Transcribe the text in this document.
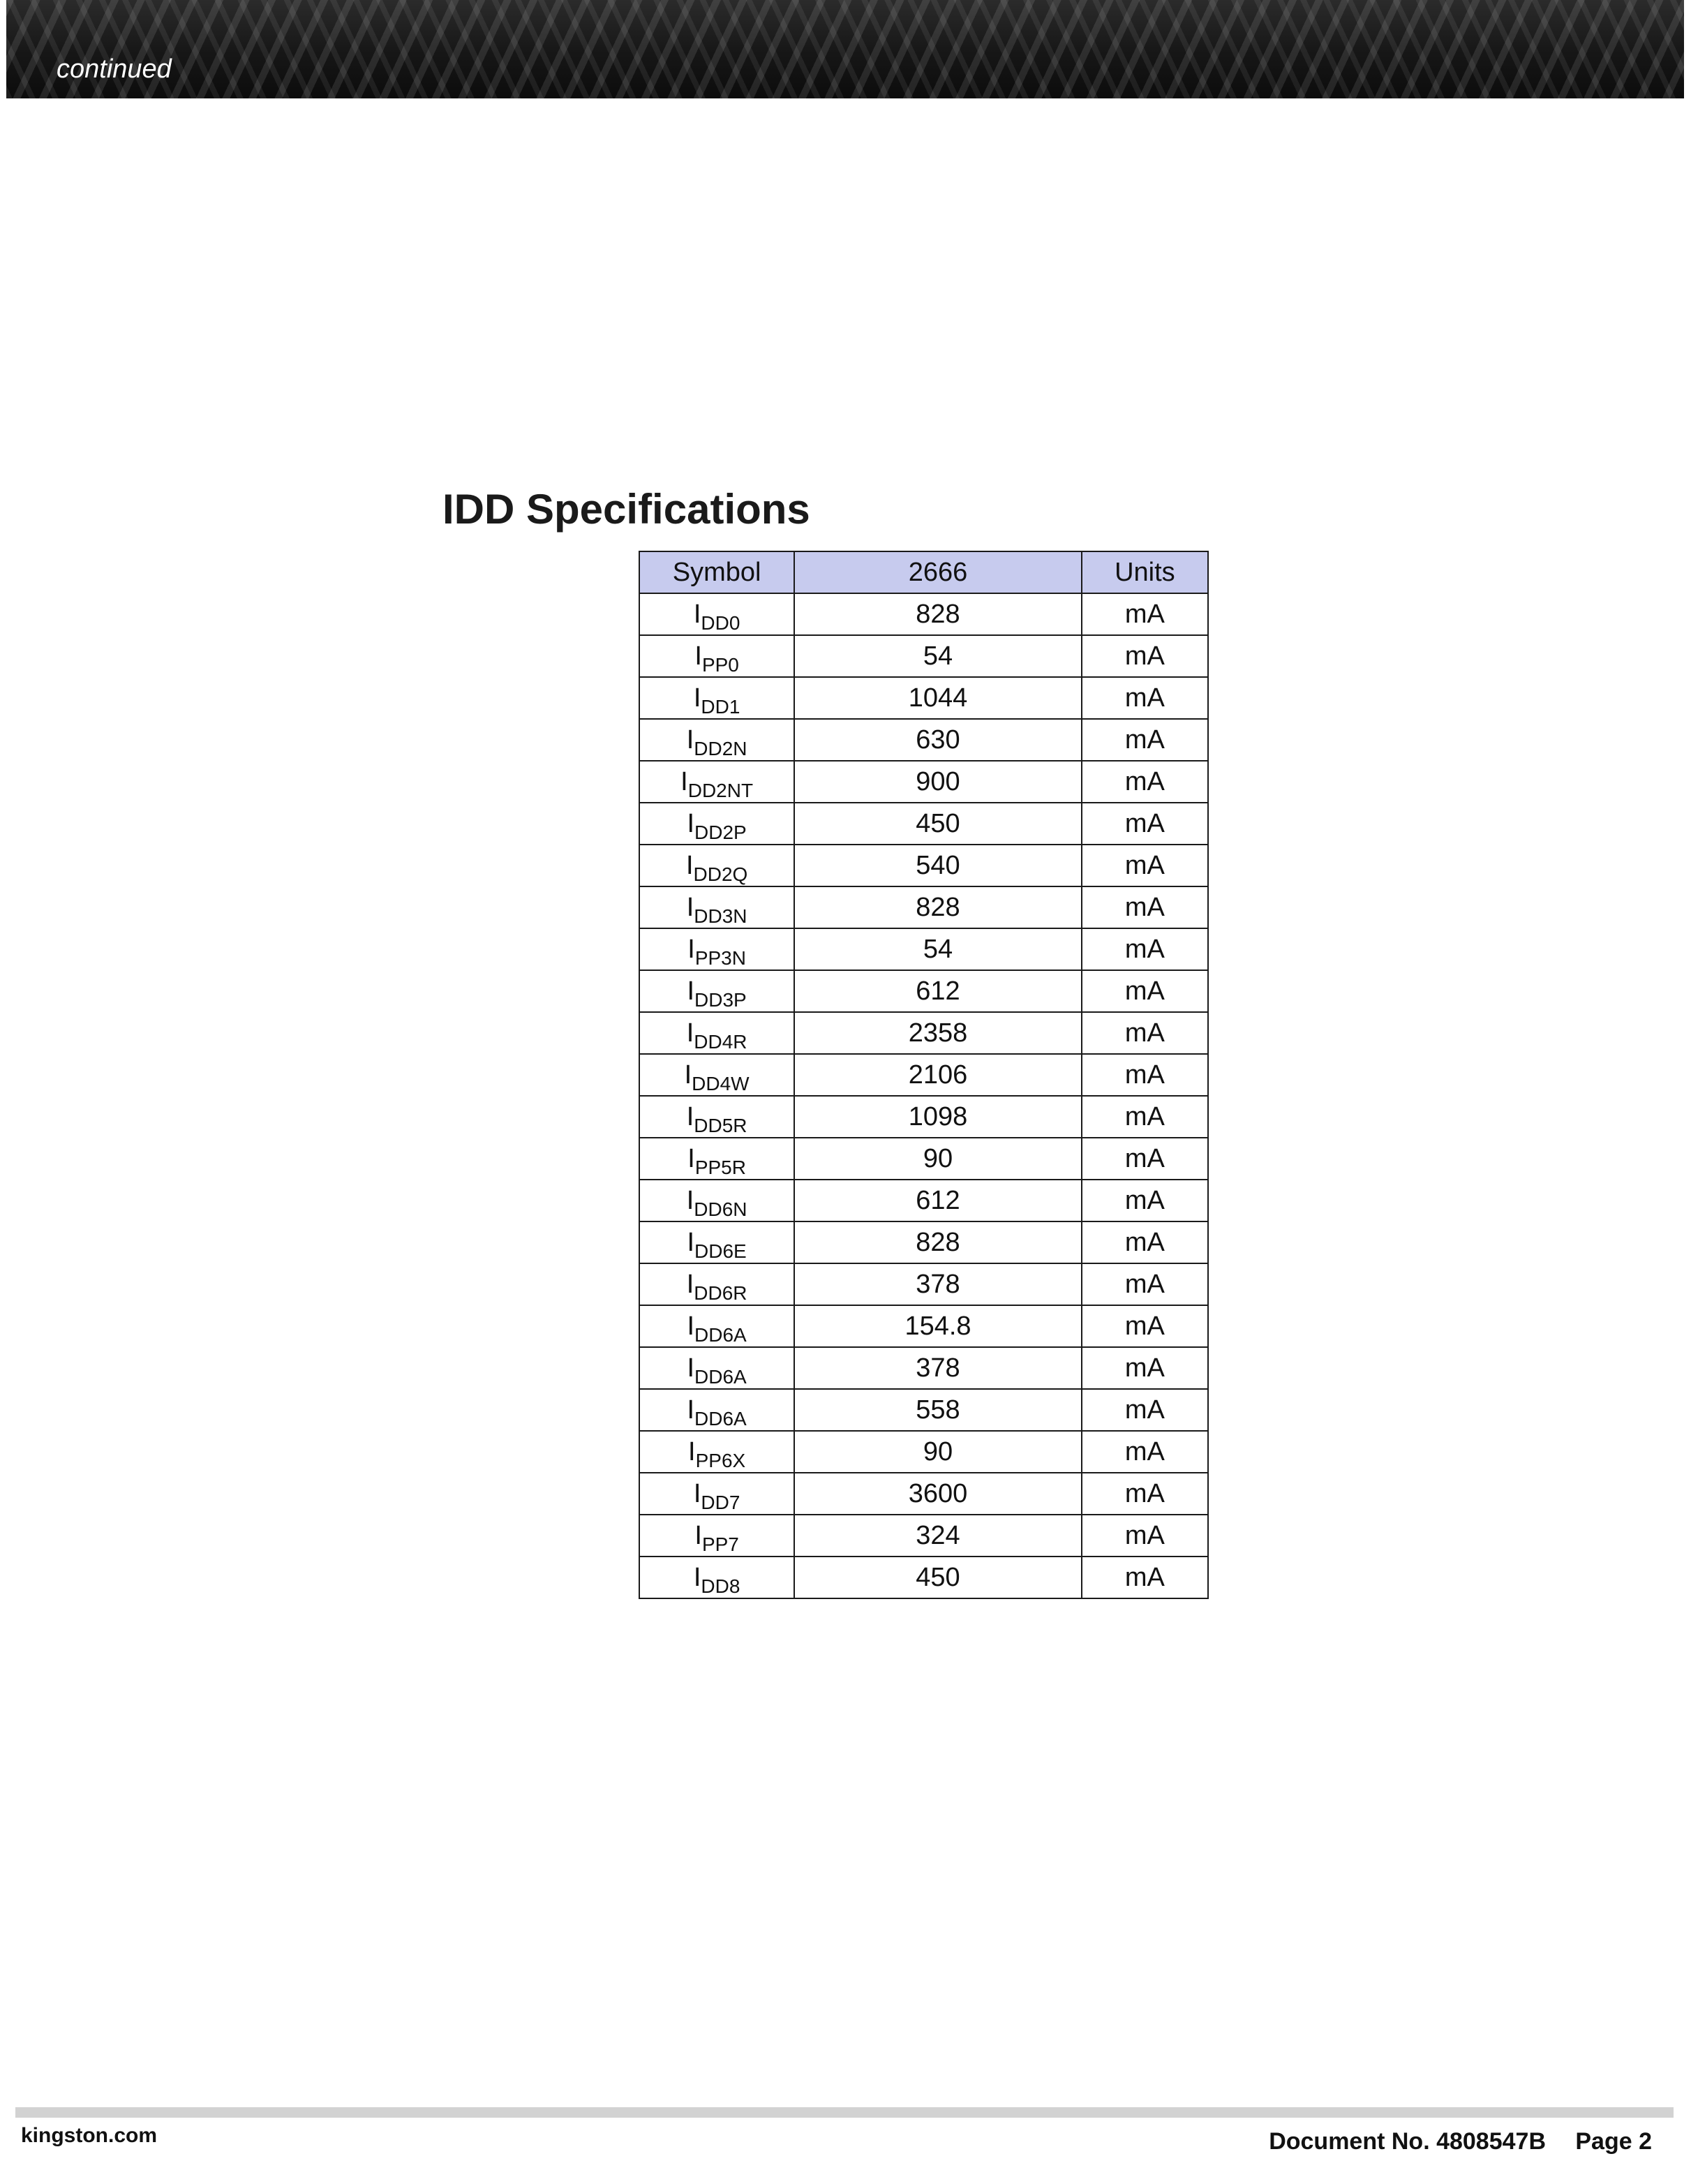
continued
IDD Specifications
Symbol	2666	Units
$I_{DD0}$	828	mA
$I_{PP0}$	54	mA
$I_{DD1}$	1044	mA
$I_{DD2N}$	630	mA
$I_{DD2NT}$	900	mA
$I_{DD2P}$	450	mA
$I_{DD2Q}$	540	mA
$I_{DD3N}$	828	mA
$I_{PP3N}$	54	mA
$I_{DD3P}$	612	mA
$I_{DD4R}$	2358	mA
$I_{DD4W}$	2106	mA
$I_{DD5R}$	1098	mA
$I_{PP5R}$	90	mA
$I_{DD6N}$	612	mA
$I_{DD6E}$	828	mA
$I_{DD6R}$	378	mA
$I_{DD6A}$	154.8	mA
$I_{DD6A}$	378	mA
$I_{DD6A}$	558	mA
$I_{PP6X}$	90	mA
$I_{DD7}$	3600	mA
$I_{PP7}$	324	mA
$I_{DD8}$	450	mA
kingston.com	Document No. 4808547B Page 2
